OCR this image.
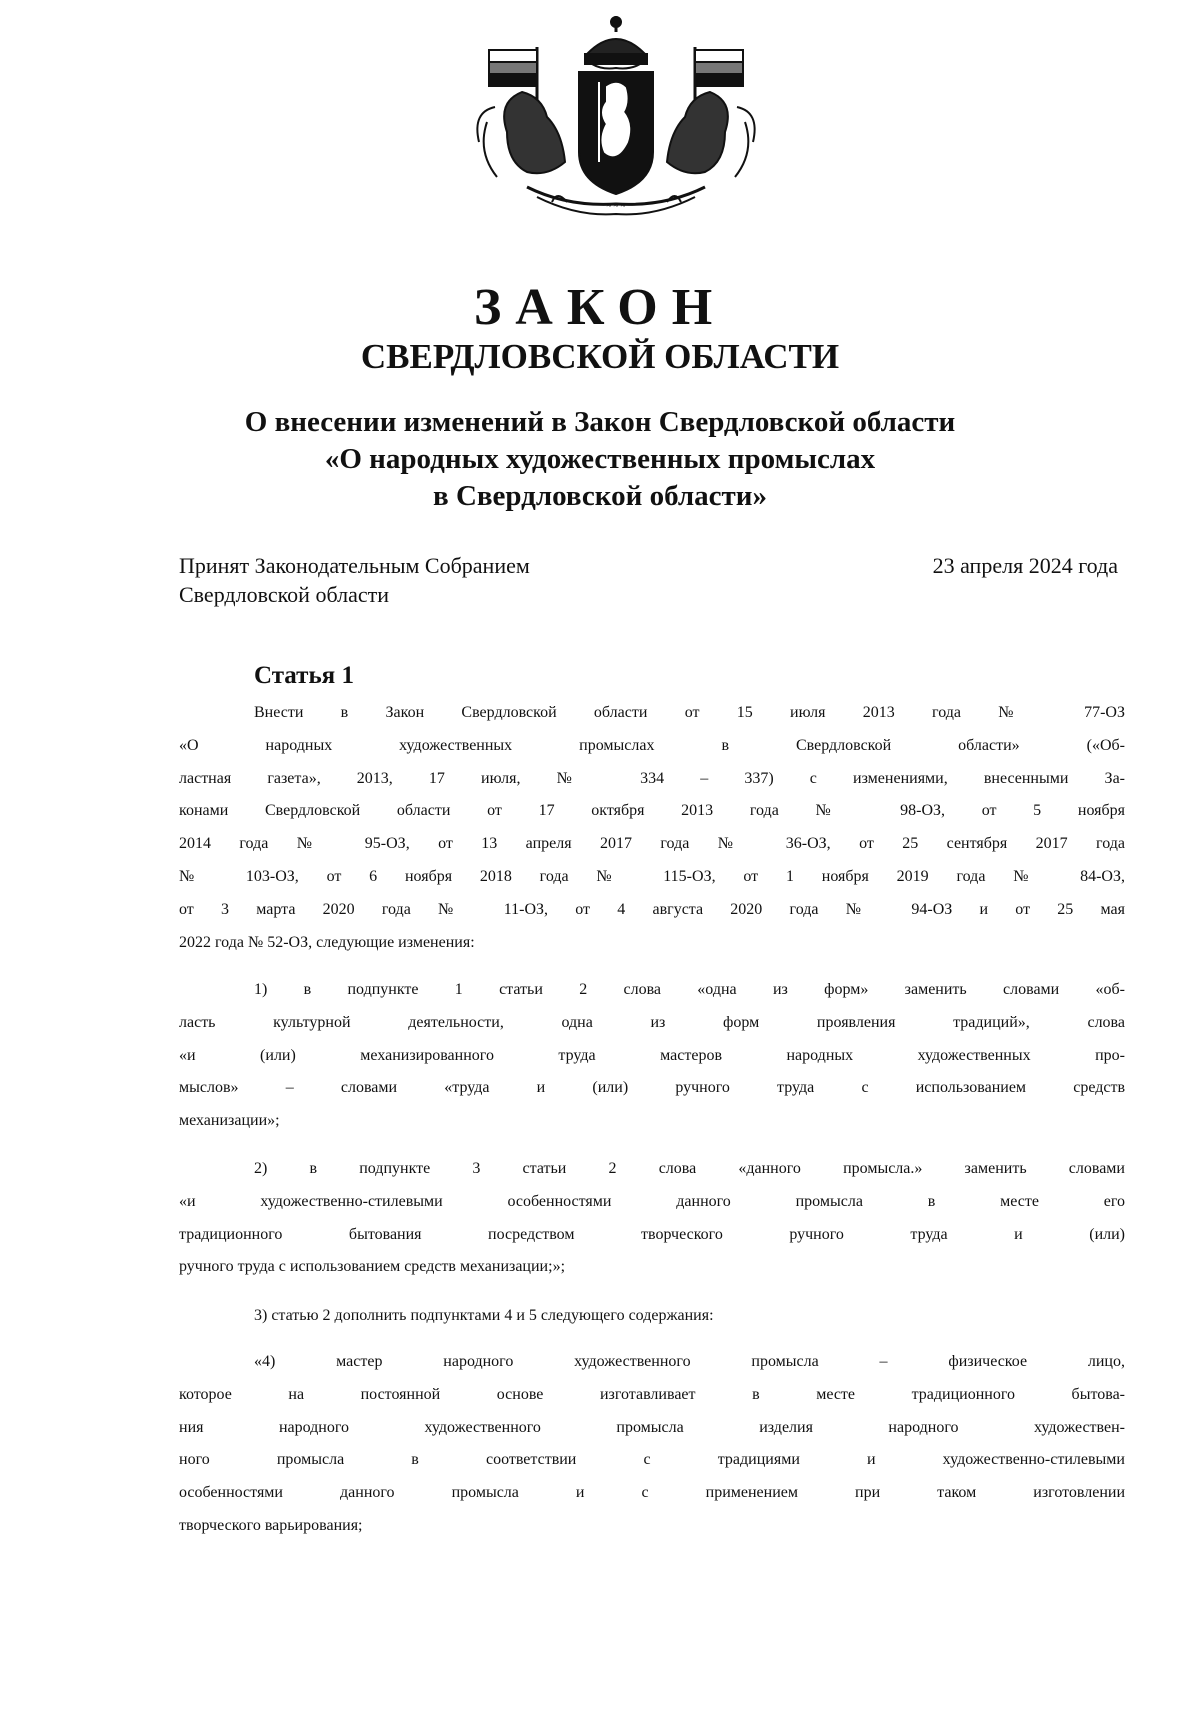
~ ~ ~
ЗАКОН
СВЕРДЛОВСКОЙ ОБЛАСТИ
О внесении изменений в Закон Свердловской области
«О народных художественных промыслах
в Свердловской области»
Принят Законодательным Собранием
Свердловской области
23 апреля 2024 года
Статья 1
Внести в Закон Свердловской области от 15 июля 2013 года № 77-ОЗ
«О народных художественных промыслах в Свердловской области» («Об-
ластная газета», 2013, 17 июля, № 334 – 337) с изменениями, внесенными За-
конами Свердловской области от 17 октября 2013 года № 98-ОЗ, от 5 ноября
2014 года № 95-ОЗ, от 13 апреля 2017 года № 36-ОЗ, от 25 сентября 2017 года
№ 103-ОЗ, от 6 ноября 2018 года № 115-ОЗ, от 1 ноября 2019 года № 84-ОЗ,
от 3 марта 2020 года № 11-ОЗ, от 4 августа 2020 года № 94-ОЗ и от 25 мая
2022 года № 52-ОЗ, следующие изменения:
1) в подпункте 1 статьи 2 слова «одна из форм» заменить словами «об-
ласть культурной деятельности, одна из форм проявления традиций», слова
«и (или) механизированного труда мастеров народных художественных про-
мыслов» – словами «труда и (или) ручного труда с использованием средств
механизации»;
2) в подпункте 3 статьи 2 слова «данного промысла.» заменить словами
«и художественно-стилевыми особенностями данного промысла в месте его
традиционного бытования посредством творческого ручного труда и (или)
ручного труда с использованием средств механизации;»;
3) статью 2 дополнить подпунктами 4 и 5 следующего содержания:
«4) мастер народного художественного промысла – физическое лицо,
которое на постоянной основе изготавливает в месте традиционного бытова-
ния народного художественного промысла изделия народного художествен-
ного промысла в соответствии с традициями и художественно-стилевыми
особенностями данного промысла и с применением при таком изготовлении
творческого варьирования;
